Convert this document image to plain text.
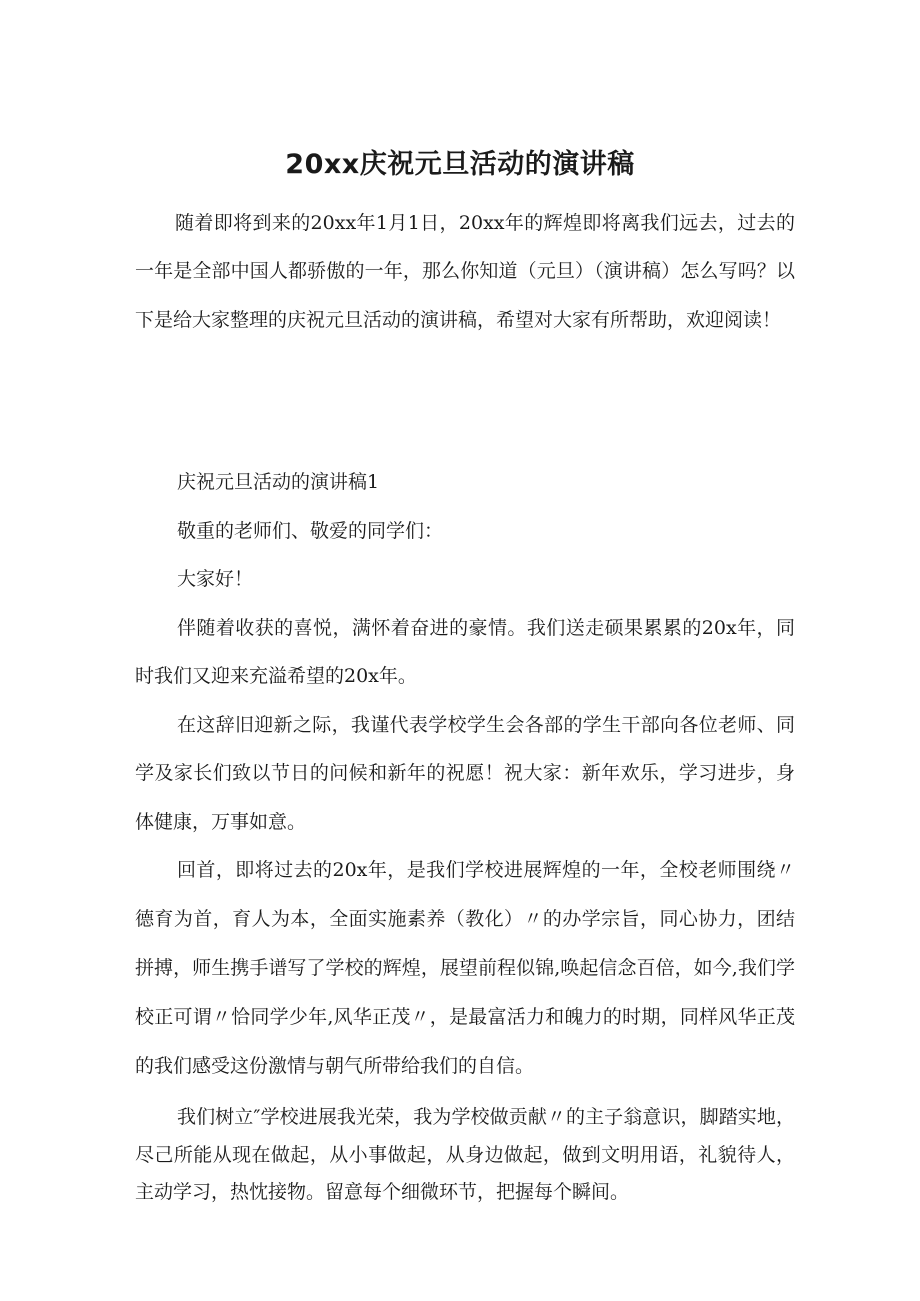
20xx庆祝元旦活动的演讲稿

随着即将到来的20xx年1月1日，20xx年的辉煌即将离我们远去，过去的一年是全部中国人都骄傲的一年，那么你知道（元旦）（演讲稿）怎么写吗？以下是给大家整理的庆祝元旦活动的演讲稿，希望对大家有所帮助，欢迎阅读！

庆祝元旦活动的演讲稿1

敬重的老师们、敬爱的同学们：

大家好！

伴随着收获的喜悦，满怀着奋进的豪情。我们送走硕果累累的20x年，同时我们又迎来充溢希望的20x年。

在这辞旧迎新之际，我谨代表学校学生会各部的学生干部向各位老师、同学及家长们致以节日的问候和新年的祝愿！祝大家：新年欢乐，学习进步，身体健康，万事如意。

回首，即将过去的20x年，是我们学校进展辉煌的一年，全校老师围绕〃德育为首，育人为本，全面实施素养（教化）〃的办学宗旨，同心协力，团结拼搏，师生携手谱写了学校的辉煌，展望前程似锦,唤起信念百倍，如今,我们学校正可谓〃恰同学少年,风华正茂〃，是最富活力和魄力的时期，同样风华正茂的我们感受这份激情与朝气所带给我们的自信。

我们树立″学校进展我光荣，我为学校做贡献〃的主子翁意识，脚踏实地，尽己所能从现在做起，从小事做起，从身边做起，做到文明用语，礼貌待人，主动学习，热忱接物。留意每个细微环节，把握每个瞬间。
